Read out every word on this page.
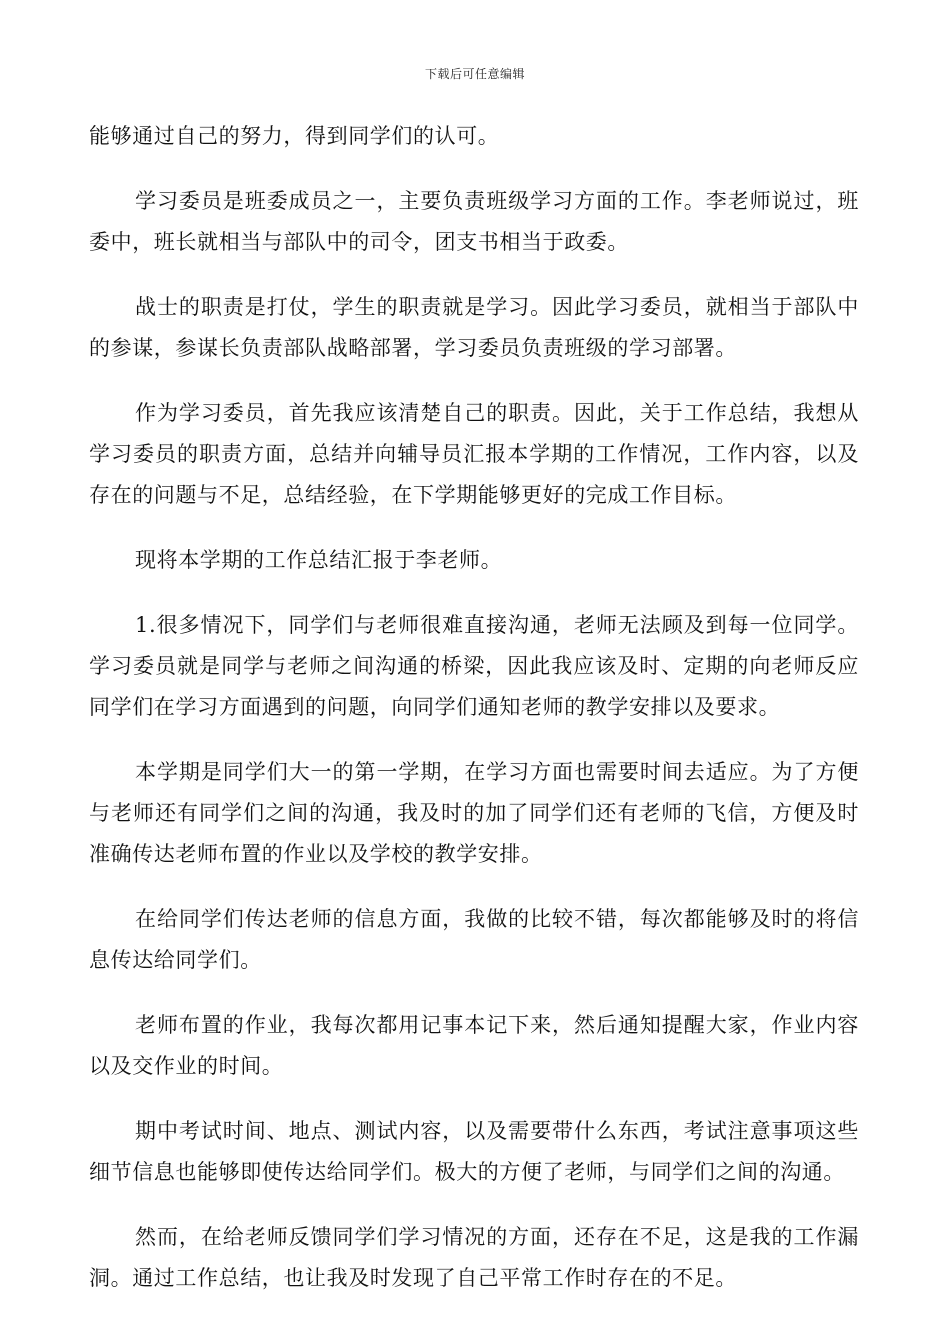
下载后可任意编辑

能够通过自己的努力，得到同学们的认可。

学习委员是班委成员之一，主要负责班级学习方面的工作。李老师说过，班委中，班长就相当与部队中的司令，团支书相当于政委。

战士的职责是打仗，学生的职责就是学习。因此学习委员，就相当于部队中的参谋，参谋长负责部队战略部署，学习委员负责班级的学习部署。

作为学习委员，首先我应该清楚自己的职责。因此，关于工作总结，我想从学习委员的职责方面，总结并向辅导员汇报本学期的工作情况，工作内容，以及存在的问题与不足，总结经验，在下学期能够更好的完成工作目标。

现将本学期的工作总结汇报于李老师。

1.很多情况下，同学们与老师很难直接沟通，老师无法顾及到每一位同学。学习委员就是同学与老师之间沟通的桥梁，因此我应该及时、定期的向老师反应同学们在学习方面遇到的问题，向同学们通知老师的教学安排以及要求。

本学期是同学们大一的第一学期，在学习方面也需要时间去适应。为了方便与老师还有同学们之间的沟通，我及时的加了同学们还有老师的飞信，方便及时准确传达老师布置的作业以及学校的教学安排。

在给同学们传达老师的信息方面，我做的比较不错，每次都能够及时的将信息传达给同学们。

老师布置的作业，我每次都用记事本记下来，然后通知提醒大家，作业内容以及交作业的时间。

期中考试时间、地点、测试内容，以及需要带什么东西，考试注意事项这些细节信息也能够即使传达给同学们。极大的方便了老师，与同学们之间的沟通。

然而，在给老师反馈同学们学习情况的方面，还存在不足，这是我的工作漏洞。通过工作总结，也让我及时发现了自己平常工作时存在的不足。
